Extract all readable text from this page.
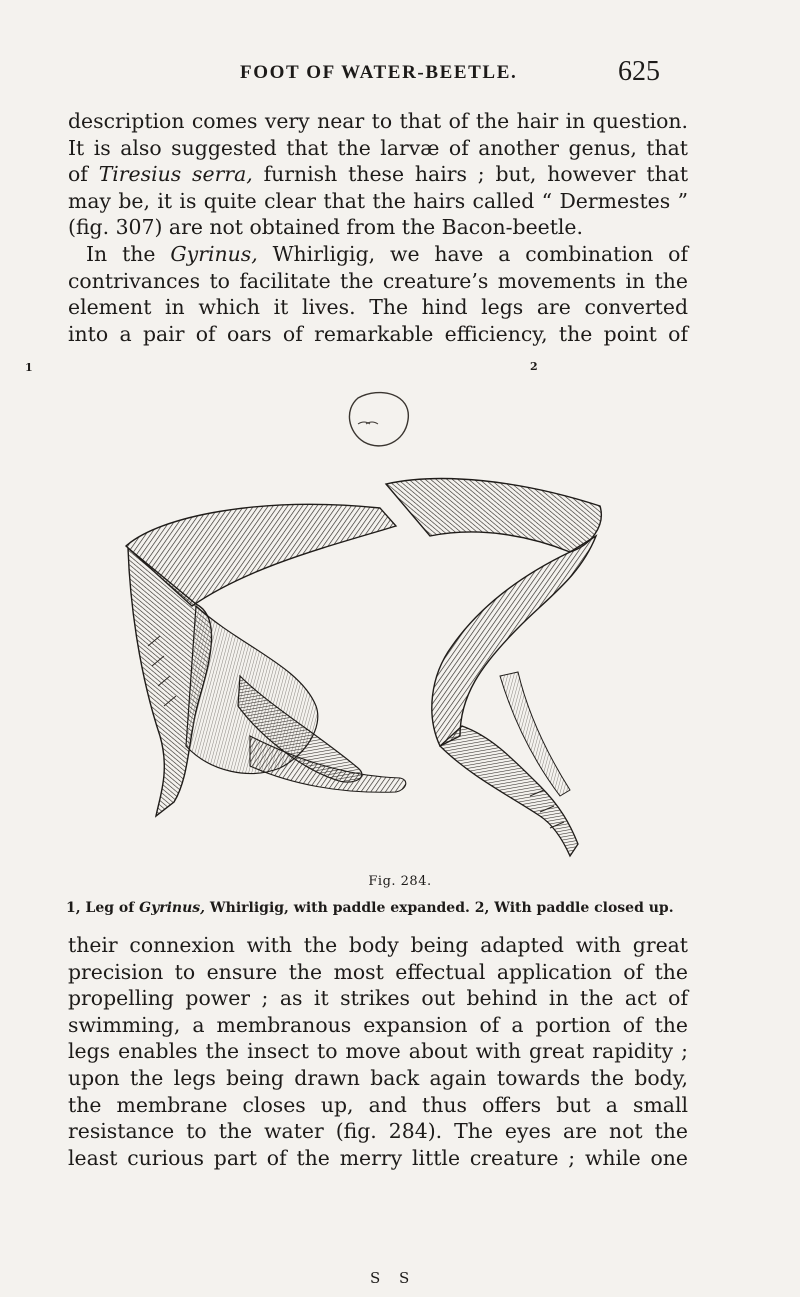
FOOT OF WATER-BEETLE.	625
description comes very near to that of the hair in question.
It is also suggested that the larvæ of another genus, that
of Tiresius serra, furnish these hairs ; but, however that
may be, it is quite clear that the hairs called “ Dermestes ”
(fig. 307) are not obtained from the Bacon-beetle.
In the Gyrinus, Whirligig, we have a combination of
contrivances to facilitate the creature’s movements in the
element in which it lives. The hind legs are converted
into a pair of oars of remarkable efficiency, the point of
1	2
Fig. 284.
1, Leg of Gyrinus, Whirligig, with paddle expanded. 2, With paddle closed up.
their connexion with the body being adapted with great
precision to ensure the most effectual application of the
propelling power ; as it strikes out behind in the act of
swimming, a membranous expansion of a portion of the
legs enables the insect to move about with great rapidity ;
upon the legs being drawn back again towards the body,
the membrane closes up, and thus offers but a small
resistance to the water (fig. 284). The eyes are not the
least curious part of the merry little creature ; while one
S S
